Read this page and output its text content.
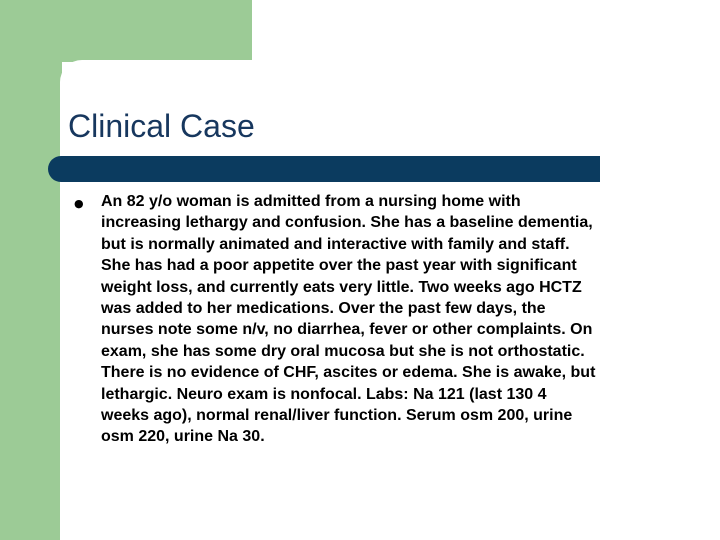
Clinical Case
● An 82 y/o woman is admitted from a nursing home with
increasing lethargy and confusion. She has a baseline dementia,
but is normally animated and interactive with family and staff.
She has had a poor appetite over the past year with significant
weight loss, and currently eats very little. Two weeks ago HCTZ
was added to her medications. Over the past few days, the
nurses note some n/v, no diarrhea, fever or other complaints. On
exam, she has some dry oral mucosa but she is not orthostatic.
There is no evidence of CHF, ascites or edema. She is awake, but
lethargic. Neuro exam is nonfocal. Labs: Na 121 (last 130 4
weeks ago), normal renal/liver function. Serum osm 200, urine
osm 220, urine Na 30.
